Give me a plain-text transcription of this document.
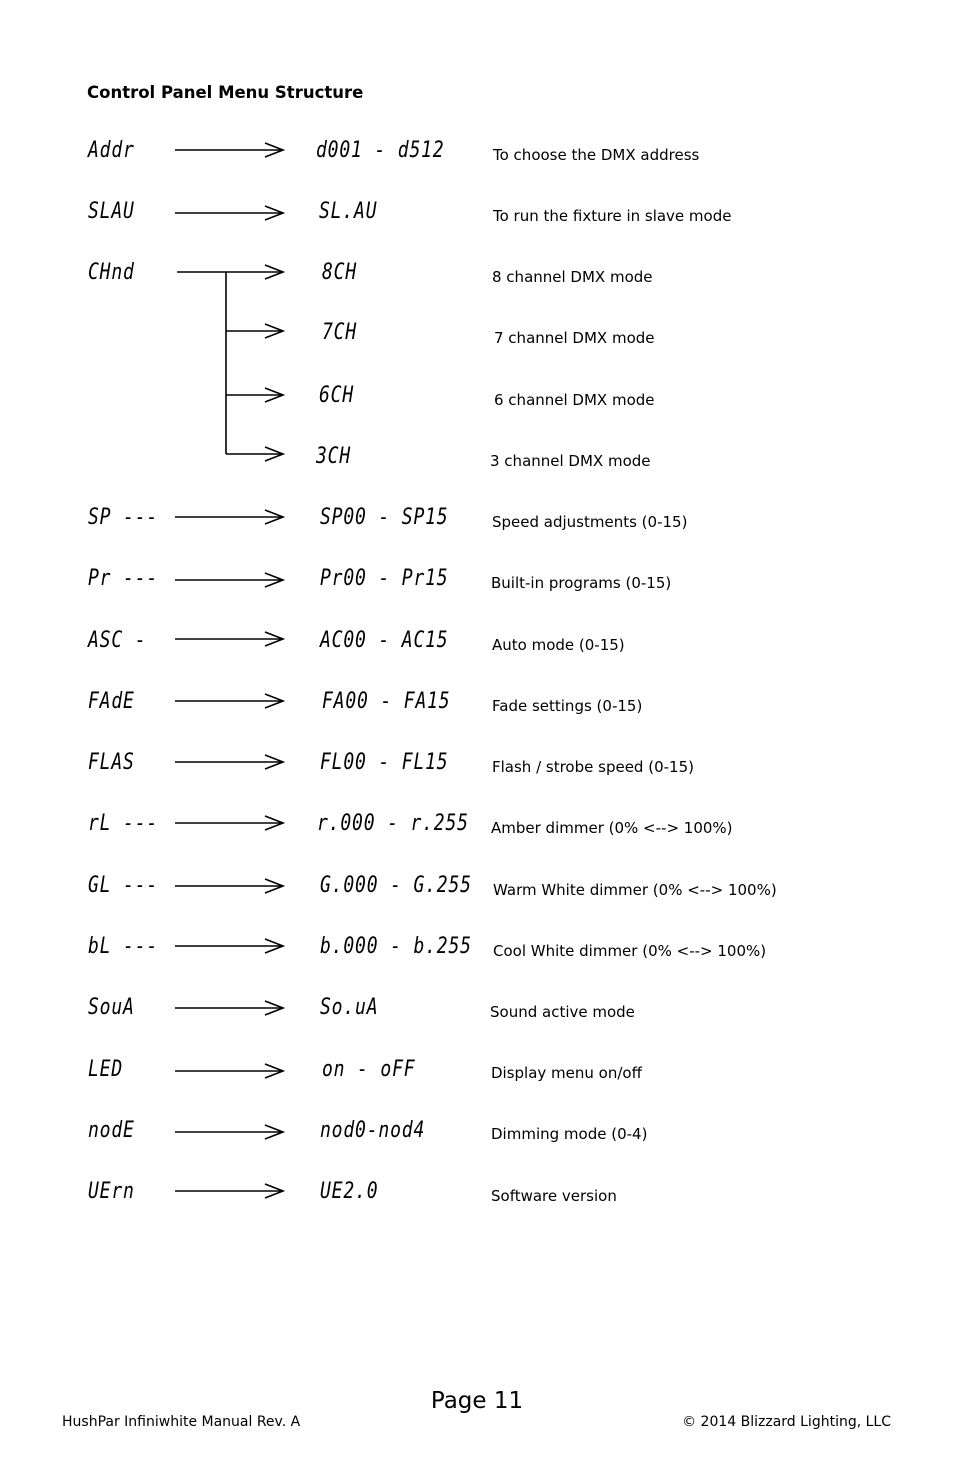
Control Panel Menu Structure
Addr
SLAU
CHnd
SP ---
Pr ---
ASC -
FAdE
FLAS
rL ---
GL ---
bL ---
SouA
LED
nodE
UErn
d001 - d512
SL.AU
8CH
7CH
6CH
3CH
SP00 - SP15
Pr00 - Pr15
AC00 - AC15
FA00 - FA15
FL00 - FL15
r.000 - r.255
G.000 - G.255
b.000 - b.255
So.uA
on - oFF
nod0-nod4
UE2.0
To choose the DMX address
To run the fixture in slave mode
8 channel DMX mode
7 channel DMX mode
6 channel DMX mode
3 channel DMX mode
Speed adjustments (0-15)
Built-in programs (0-15)
Auto mode (0-15)
Fade settings (0-15)
Flash / strobe speed (0-15)
Amber dimmer (0% <--> 100%)
Warm White dimmer (0% <--> 100%)
Cool White dimmer (0% <--> 100%)
Sound active mode
Display menu on/off
Dimming mode (0-4)
Software version
Page 11
HushPar Infiniwhite Manual Rev. A	© 2014 Blizzard Lighting, LLC
